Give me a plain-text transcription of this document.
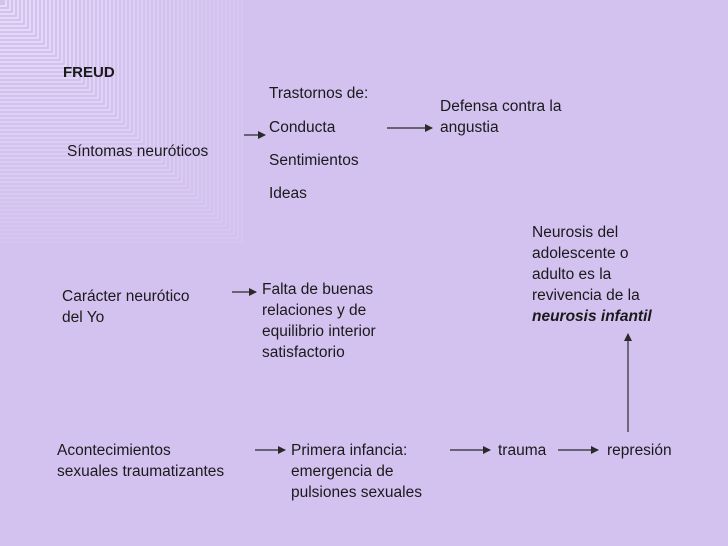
FREUD
Síntomas neuróticos
Trastornos de:
Conducta
Sentimientos
Ideas
Defensa contra la
angustia
Carácter neurótico
del Yo
Falta de buenas
relaciones y de
equilibrio interior
satisfactorio
Neurosis del
adolescente o
adulto es la
revivencia de la
neurosis infantil
Acontecimientos
sexuales traumatizantes
Primera infancia:
emergencia de
pulsiones sexuales
trauma	represión
